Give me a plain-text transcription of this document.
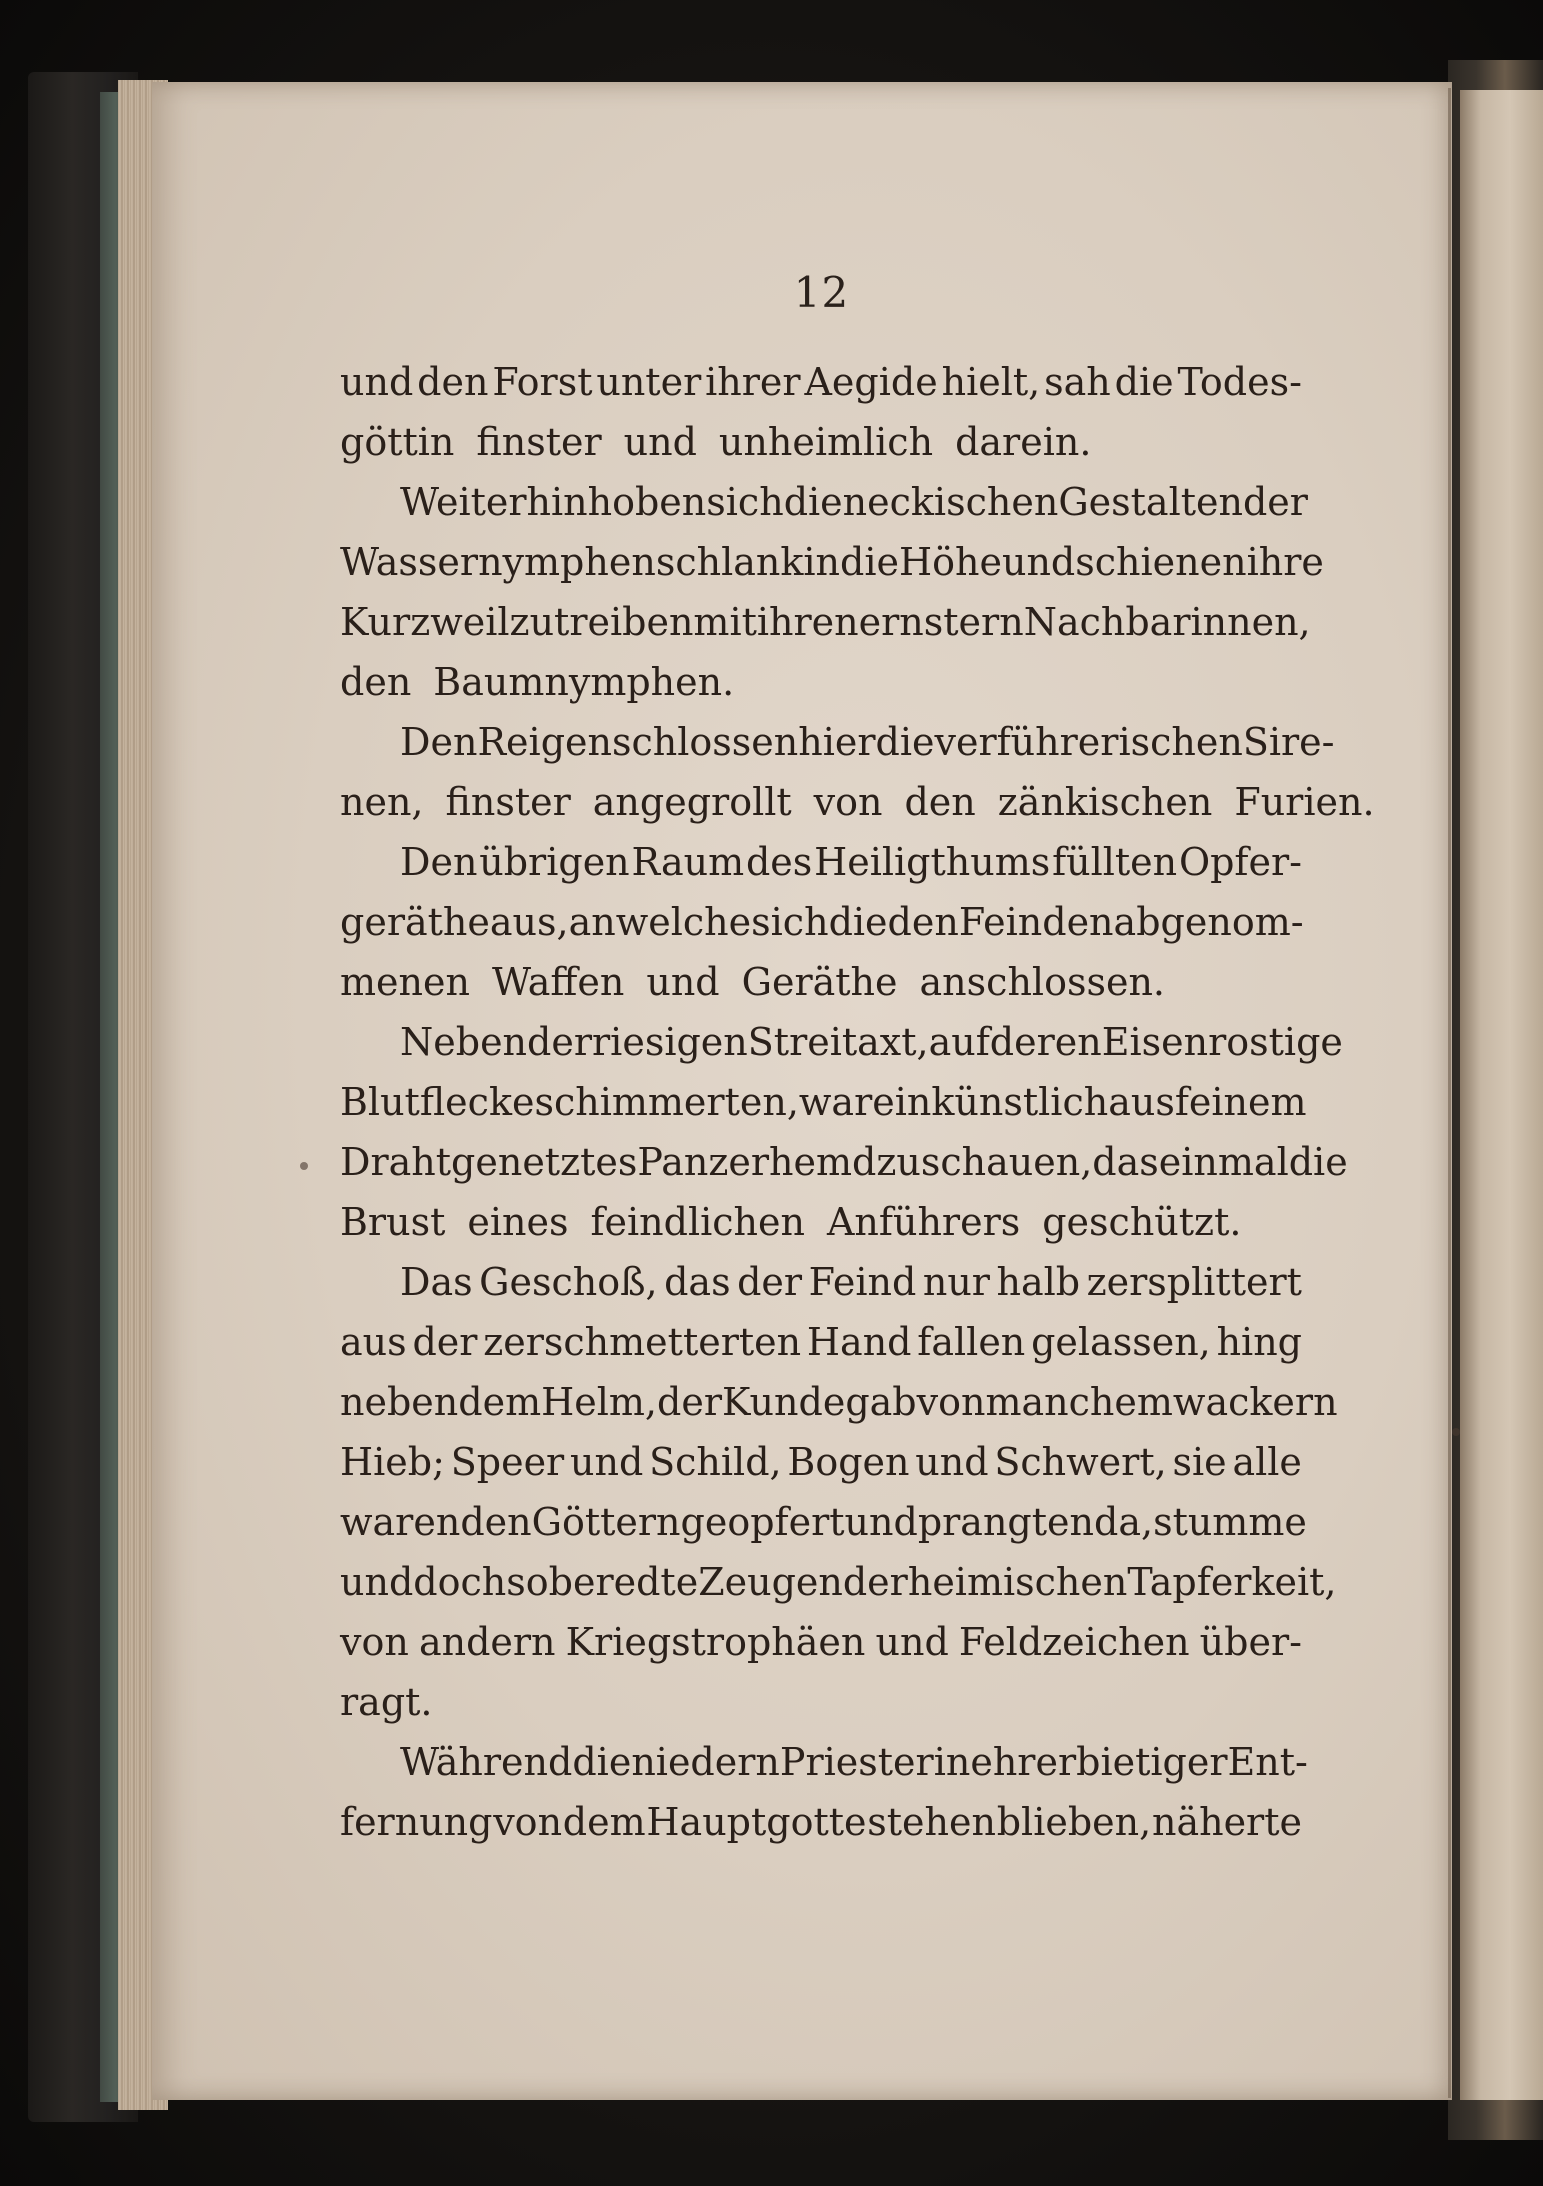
12
und den Forst unter ihrer Aegide hielt, sah die Todes-
göttin finster und unheimlich darein.
Weiterhin hoben sich die neckischen Gestalten der
Wassernymphen schlank in die Höhe und schienen ihre
Kurzweil zu treiben mit ihren ernstern Nachbarinnen,
den Baumnymphen.
Den Reigen schlossen hier die verführerischen Sire-
nen, finster angegrollt von den zänkischen Furien.
Den übrigen Raum des Heiligthums füllten Opfer-
geräthe aus, an welche sich die den Feinden abgenom-
menen Waffen und Geräthe anschlossen.
Neben der riesigen Streitaxt, auf deren Eisen rostige
Blutflecke schimmerten, war ein künstlich aus feinem
Draht genetztes Panzerhemd zu schauen, das einmal die
Brust eines feindlichen Anführers geschützt.
Das Geschoß, das der Feind nur halb zersplittert
aus der zerschmetterten Hand fallen gelassen, hing
neben dem Helm, der Kunde gab von manchem wackern
Hieb; Speer und Schild, Bogen und Schwert, sie alle
waren den Göttern geopfert und prangten da, stumme
und doch so beredte Zeugen der heimischen Tapferkeit,
von andern Kriegstrophäen und Feldzeichen über-
ragt.
Während die niedern Priester in ehrerbietiger Ent-
fernung von dem Hauptgotte stehen blieben, näherte
